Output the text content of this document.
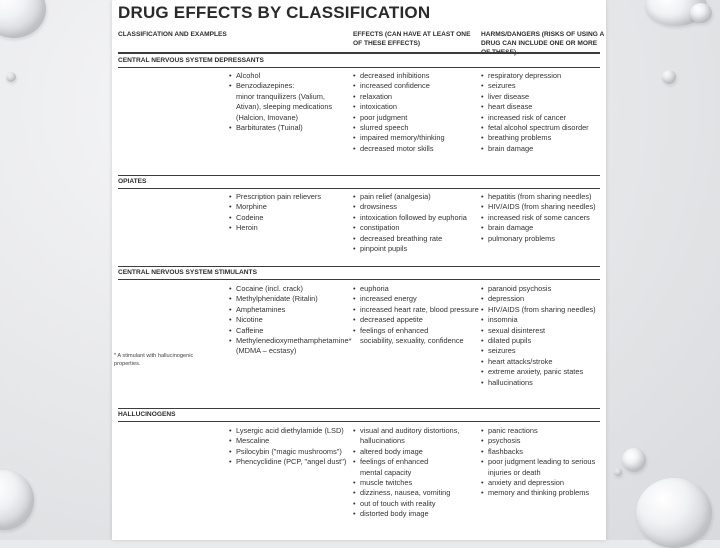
DRUG EFFECTS BY CLASSIFICATION
CLASSIFICATION AND EXAMPLES	EFFECTS (CAN HAVE AT LEAST ONE OF THESE EFFECTS)
HARMS/DANGERS (RISKS OF USING A DRUG CAN INCLUDE ONE OR MORE
CENTRAL NERVOUS SYSTEM DEPRESSANTS
• Alcohol
• Benzodiazepines:
minor tranquilizers (Valium,
Ativan), sleeping medications
(Halcion, Imovane)
• Barbiturates (Tuinal)
• decreased inhibitions
• increased confidence
• relaxation
• intoxication
• poor judgment
• slurred speech
• impaired memory/thinking
• decreased motor skills
• respiratory depression
• seizures
• liver disease
• heart disease
• increased risk of cancer
• fetal alcohol spectrum disorder
• breathing problems
• brain damage
OPIATES
• Prescription pain relievers
• Morphine
• Codeine
• Heroin
• pain relief (analgesia)
• drowsiness
• intoxication followed by euphoria
• constipation
• decreased breathing rate
• pinpoint pupils
• hepatitis (from sharing needles)
• HIV/AIDS (from sharing needles)
• increased risk of some cancers
• brain damage
• pulmonary problems
CENTRAL NERVOUS SYSTEM STIMULANTS
• Cocaine (incl. crack)
• Methylphenidate (Ritalin)
• Amphetamines
• Nicotine
• Caffeine
• Methylenedioxymethamphetamine*
(MDMA – ecstasy)
• euphoria
• increased energy
• increased heart rate, blood pressure
• decreased appetite
• feelings of enhanced
sociability, sexuality, confidence
• paranoid psychosis
• depression
• HIV/AIDS (from sharing needles)
• insomnia
• sexual disinterest
• dilated pupils
• seizures
• heart attacks/stroke
• extreme anxiety, panic states
• hallucinations
* A stimulant with hallucinogenic properties.
HALLUCINOGENS
• Lysergic acid diethylamide (LSD)
• Mescaline
• Psilocybin ("magic mushrooms")
• Phencyclidine (PCP, "angel dust")
• visual and auditory distortions,
hallucinations
• altered body image
• feelings of enhanced
mental capacity
• muscle twitches
• dizziness, nausea, vomiting
• out of touch with reality
• distorted body image
• panic reactions
• psychosis
• flashbacks
• poor judgment leading to serious
injuries or death
• anxiety and depression
• memory and thinking problems
